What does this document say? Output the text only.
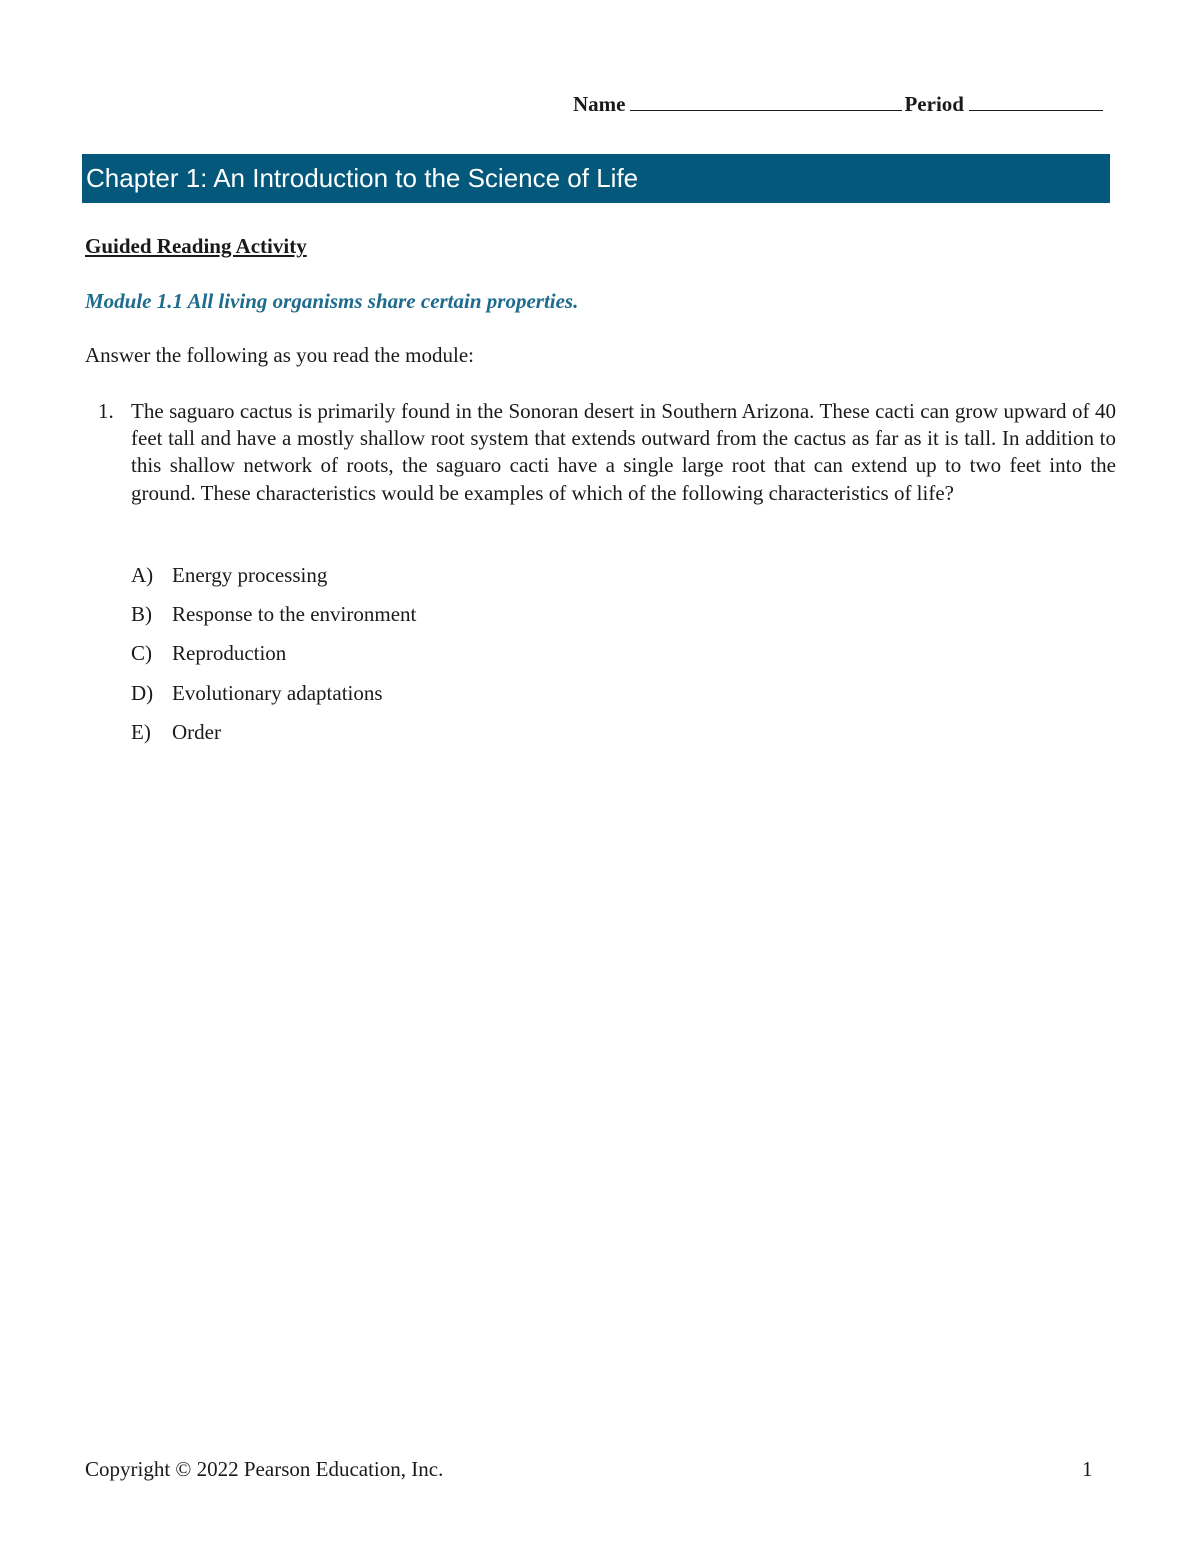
Name	Period
Chapter 1: An Introduction to the Science of Life
Guided Reading Activity
Module 1.1 All living organisms share certain properties.
Answer the following as you read the module:
1. The saguaro cactus is primarily found in the Sonoran desert in Southern Arizona. These cacti can grow upward of 40 feet tall and have a mostly shallow root system that extends outward from the cactus as far as it is tall. In addition to this shallow network of roots, the saguaro cacti have a single large root that can extend up to two feet into the ground. These characteristics would be examples of which of the following characteristics of life?
A) Energy processing
B) Response to the environment
C) Reproduction
D) Evolutionary adaptations
E) Order
Copyright © 2022 Pearson Education, Inc.	1
